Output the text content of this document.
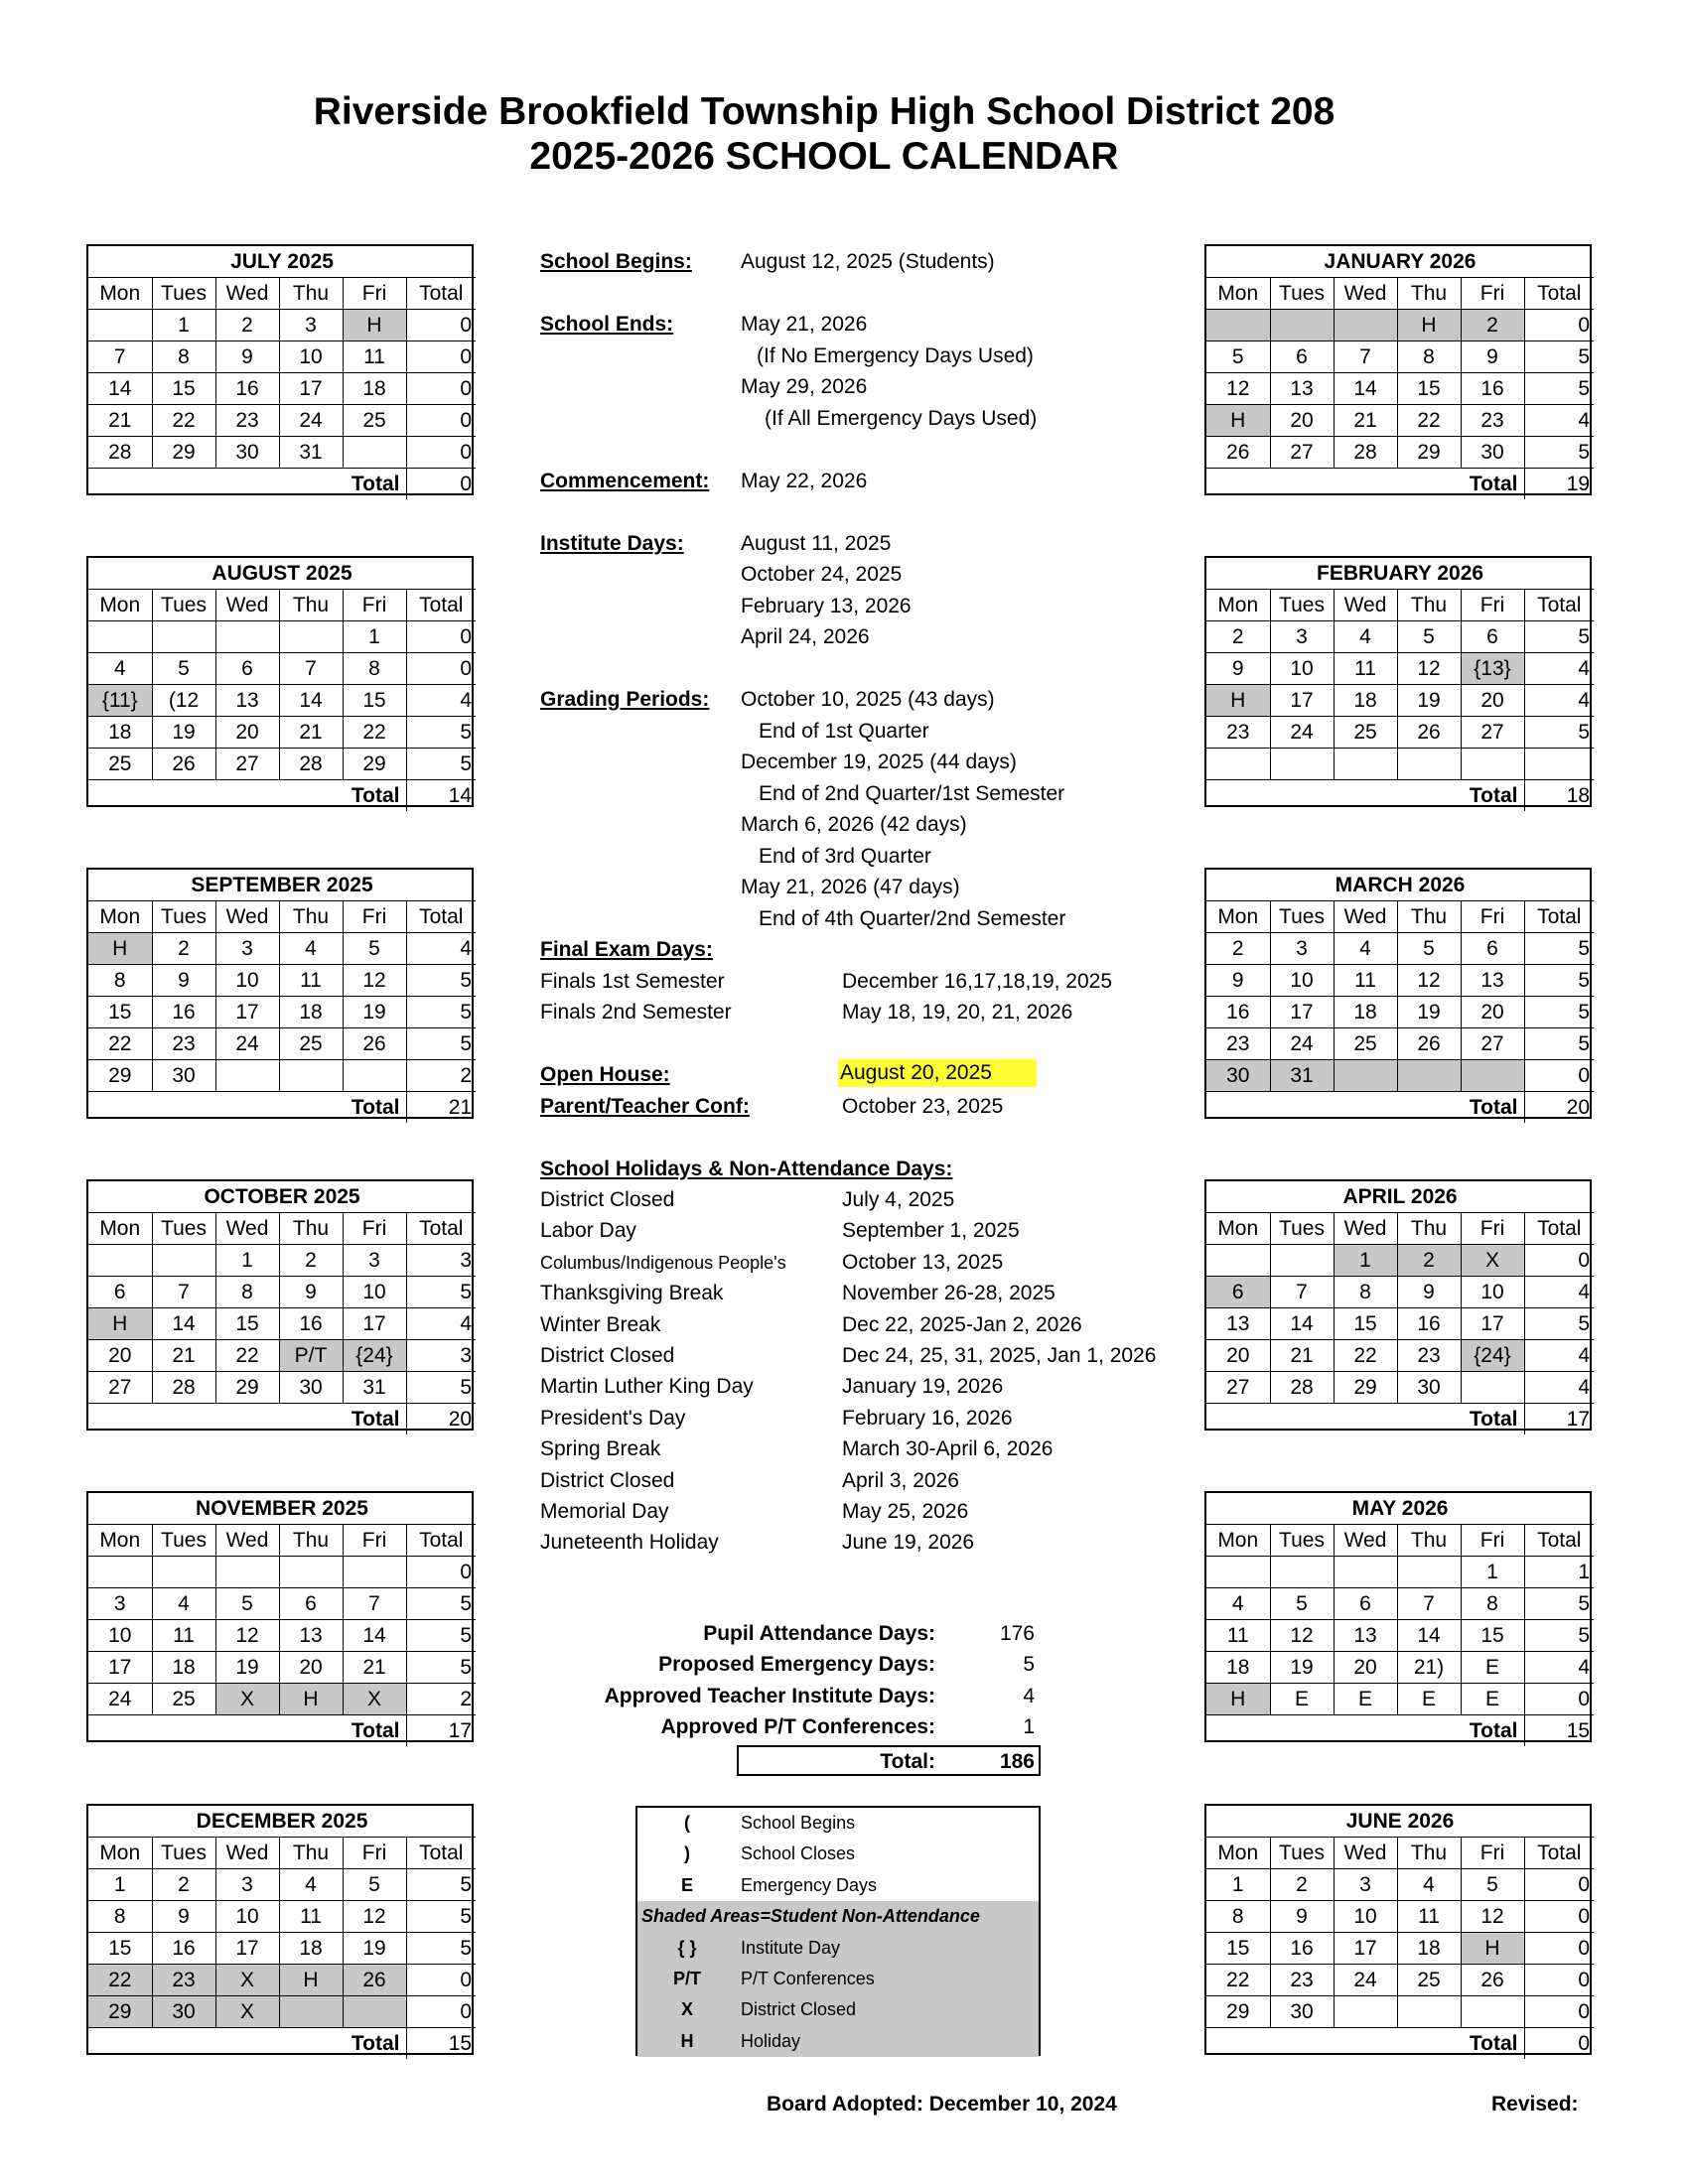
Riverside Brookfield Township High School District 208
2025-2026 SCHOOL CALENDAR
JULY 2025					
Mon	Tues	Wed	Thu	Fri	Total
	1	2	3	H	0
7	8	9	10	11	0
14	15	16	17	18	0
21	22	23	24	25	0
28	29	30	31		0
				Total	0
AUGUST 2025					
Mon	Tues	Wed	Thu	Fri	Total
				1	0
4	5	6	7	8	0
{11}	(12	13	14	15	4
18	19	20	21	22	5
25	26	27	28	29	5
				Total	14
SEPTEMBER 2025					
Mon	Tues	Wed	Thu	Fri	Total
H	2	3	4	5	4
8	9	10	11	12	5
15	16	17	18	19	5
22	23	24	25	26	5
29	30				2
				Total	21
OCTOBER 2025					
Mon	Tues	Wed	Thu	Fri	Total
		1	2	3	3
6	7	8	9	10	5
H	14	15	16	17	4
20	21	22	P/T	{24}	3
27	28	29	30	31	5
				Total	20
NOVEMBER 2025					
Mon	Tues	Wed	Thu	Fri	Total
					0
3	4	5	6	7	5
10	11	12	13	14	5
17	18	19	20	21	5
24	25	X	H	X	2
				Total	17
DECEMBER 2025					
Mon	Tues	Wed	Thu	Fri	Total
1	2	3	4	5	5
8	9	10	11	12	5
15	16	17	18	19	5
22	23	X	H	26	0
29	30	X			0
				Total	15
JANUARY 2026					
Mon	Tues	Wed	Thu	Fri	Total
			H	2	0
5	6	7	8	9	5
12	13	14	15	16	5
H	20	21	22	23	4
26	27	28	29	30	5
				Total	19
FEBRUARY 2026					
Mon	Tues	Wed	Thu	Fri	Total
2	3	4	5	6	5
9	10	11	12	{13}	4
H	17	18	19	20	4
23	24	25	26	27	5

				Total	18
MARCH 2026					
Mon	Tues	Wed	Thu	Fri	Total
2	3	4	5	6	5
9	10	11	12	13	5
16	17	18	19	20	5
23	24	25	26	27	5
30	31				0
				Total	20
APRIL 2026					
Mon	Tues	Wed	Thu	Fri	Total
		1	2	X	0
6	7	8	9	10	4
13	14	15	16	17	5
20	21	22	23	{24}	4
27	28	29	30		4
				Total	17
MAY 2026					
Mon	Tues	Wed	Thu	Fri	Total
				1	1
4	5	6	7	8	5
11	12	13	14	15	5
18	19	20	21)	E	4
H	E	E	E	E	0
				Total	15
JUNE 2026					
Mon	Tues	Wed	Thu	Fri	Total
1	2	3	4	5	0
8	9	10	11	12	0
15	16	17	18	H	0
22	23	24	25	26	0
29	30				0
				Total	0
School Begins: August 12, 2025 (Students)
School Ends:	May 21, 2026
(If No Emergency Days Used)
May 29, 2026
(If All Emergency Days Used)
Commencement: May 22, 2026
Institute Days:	August 11, 2025
October 24, 2025
February 13, 2026
April 24, 2026
Grading Periods: October 10, 2025 (43 days)
End of 1st Quarter
December 19, 2025 (44 days)
End of 2nd Quarter/1st Semester
March 6, 2026 (42 days)
End of 3rd Quarter
May 21, 2026 (47 days)
End of 4th Quarter/2nd Semester
Final Exam Days:
Finals 1st Semester	December 16,17,18,19, 2025
Finals 2nd Semester	May 18, 19, 20, 21, 2026
Open House:	August 20, 2025
Parent/Teacher Conf:	October 23, 2025
School Holidays & Non-Attendance Days:
District Closed	July 4, 2025
Labor Day	September 1, 2025
Columbus/Indigenous People's	October 13, 2025
Thanksgiving Break	November 26-28, 2025
Winter Break	Dec 22, 2025-Jan 2, 2026
District Closed	Dec 24, 25, 31, 2025, Jan 1, 2026
Martin Luther King Day	January 19, 2026
President's Day	February 16, 2026
Spring Break	March 30-April 6, 2026
District Closed	April 3, 2026
Memorial Day	May 25, 2026
Juneteenth Holiday	June 19, 2026
Pupil Attendance Days:	176
Proposed Emergency Days:	5
Approved Teacher Institute Days:	4
Approved P/T Conferences:	1
Total:	186
(	School Begins
)	School Closes
E	Emergency Days
Shaded Areas=Student Non-Attendance
{ }	Institute Day
P/T	P/T Conferences
X	District Closed
H	Holiday
Board Adopted: December 10, 2024	Revised:
